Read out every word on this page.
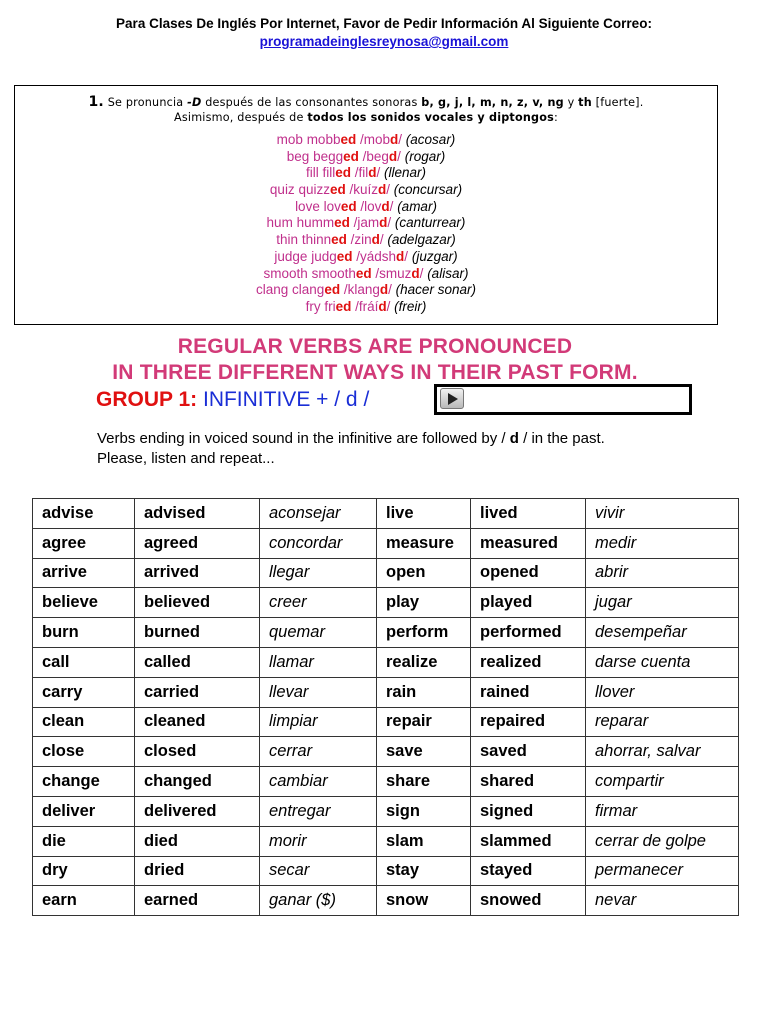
Para Clases De Inglés Por Internet, Favor de Pedir Información Al Siguiente Correo:
programadeinglesreynosa@gmail.com
1. Se pronuncia -D después de las consonantes sonoras b, g, j, l, m, n, z, v, ng y th [fuerte].
Asimismo, después de todos los sonidos vocales y diptongos:
mob mobbed /mobd/ (acosar)
beg begged /begd/ (rogar)
fill filled /fild/ (llenar)
quiz quizzed /kuízd/ (concursar)
love loved /lovd/ (amar)
hum hummed /jamd/ (canturrear)
thin thinned /zind/ (adelgazar)
judge judged /yádshd/ (juzgar)
smooth smoothed /smuzd/ (alisar)
clang clanged /klangd/ (hacer sonar)
fry fried /fráíd/ (freir)
REGULAR VERBS ARE PRONOUNCED
IN THREE DIFFERENT WAYS IN THEIR PAST FORM.
GROUP 1: INFINITIVE + / d /
Verbs ending in voiced sound in the infinitive are followed by / d / in the past.
Please, listen and repeat...
advise	advised	aconsejar	live	lived	vivir
agree	agreed	concordar	measure	measured	medir
arrive	arrived	llegar	open	opened	abrir
believe	believed	creer	play	played	jugar
burn	burned	quemar	perform	performed	desempeñar
call	called	llamar	realize	realized	darse cuenta
carry	carried	llevar	rain	rained	llover
clean	cleaned	limpiar	repair	repaired	reparar
close	closed	cerrar	save	saved	ahorrar, salvar
change	changed	cambiar	share	shared	compartir
deliver	delivered	entregar	sign	signed	firmar
die	died	morir	slam	slammed	cerrar de golpe
dry	dried	secar	stay	stayed	permanecer
earn	earned	ganar ($)	snow	snowed	nevar
